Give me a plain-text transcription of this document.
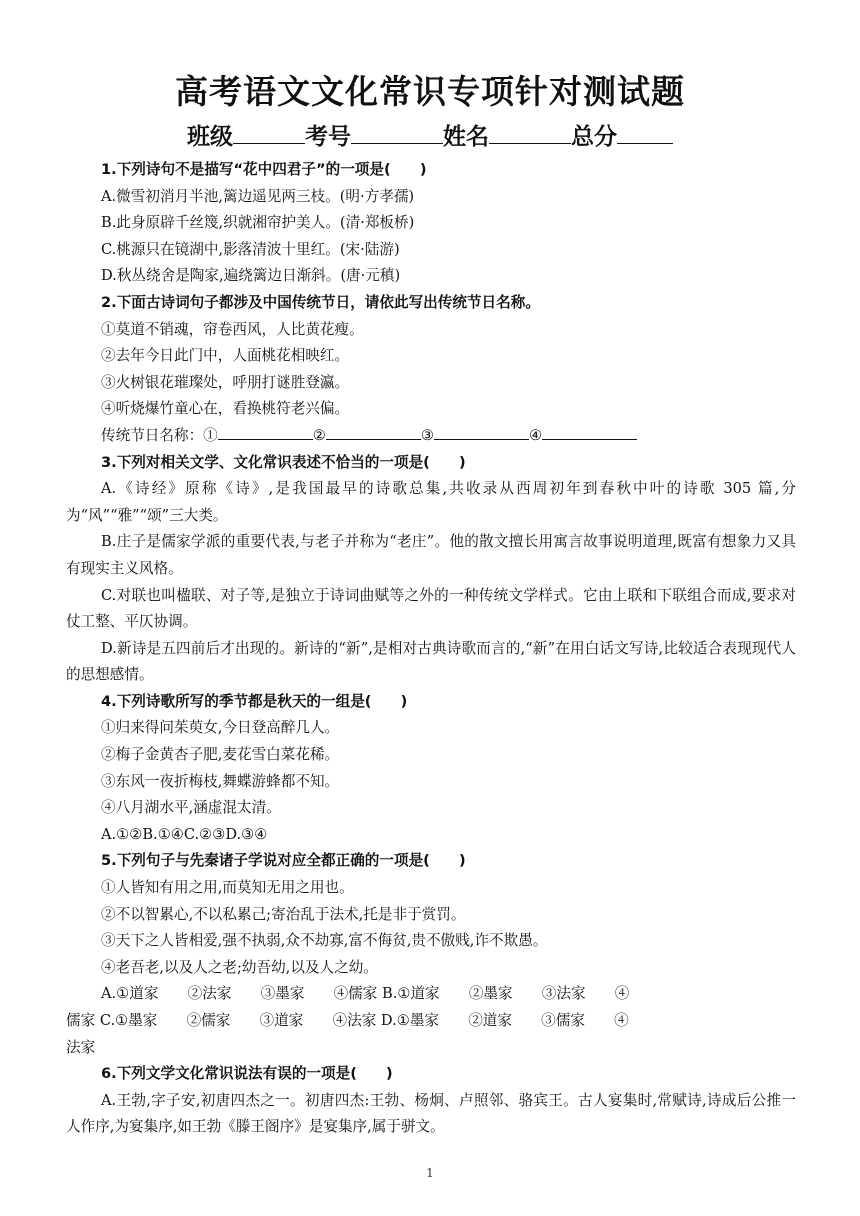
高考语文文化常识专项针对测试题
班级	考号	姓名	总分
1.下列诗句不是描写“花中四君子”的一项是(　　)
A.微雪初消月半池,篱边遥见两三枝。(明·方孝孺)
B.此身原辟千丝篾,织就湘帘护美人。(清·郑板桥)
C.桃源只在镜湖中,影落清波十里红。(宋·陆游)
D.秋丛绕舍是陶家,遍绕篱边日渐斜。(唐·元稹)
2.下面古诗词句子都涉及中国传统节日，请依此写出传统节日名称。
①莫道不销魂，帘卷西风，人比黄花瘦。
②去年今日此门中，人面桃花相映红。
③火树银花璀璨处，呼朋打谜胜登瀛。
④听烧爆竹童心在，看换桃符老兴偏。
传统节日名称：①	②	③	④
3.下列对相关文学、文化常识表述不恰当的一项是(　　)
A.《诗经》原称《诗》,是我国最早的诗歌总集,共收录从西周初年到春秋中叶的诗歌 305 篇,分为“风”“雅”“颂”三大类。
B.庄子是儒家学派的重要代表,与老子并称为“老庄”。他的散文擅长用寓言故事说明道理,既富有想象力又具有现实主义风格。
C.对联也叫楹联、对子等,是独立于诗词曲赋等之外的一种传统文学样式。它由上联和下联组合而成,要求对仗工整、平仄协调。
D.新诗是五四前后才出现的。新诗的“新”,是相对古典诗歌而言的,“新”在用白话文写诗,比较适合表现现代人的思想感情。
4.下列诗歌所写的季节都是秋天的一组是(　　)
①归来得问茱萸女,今日登高醉几人。
②梅子金黄杏子肥,麦花雪白菜花稀。
③东风一夜折梅枝,舞蝶游蜂都不知。
④八月湖水平,涵虚混太清。
A.①②B.①④C.②③D.③④
5.下列句子与先秦诸子学说对应全都正确的一项是(　　)
①人皆知有用之用,而莫知无用之用也。
②不以智累心,不以私累己;寄治乱于法术,托是非于赏罚。
③天下之人皆相爱,强不执弱,众不劫寡,富不侮贫,贵不傲贱,诈不欺愚。
④老吾老,以及人之老;幼吾幼,以及人之幼。
A.①道家　　②法家　　③墨家　　④儒家 B.①道家　　②墨家　　③法家　　④
儒家 C.①墨家　　②儒家　　③道家　　④法家 D.①墨家　　②道家　　③儒家　　④
法家
6.下列文学文化常识说法有误的一项是(　　)
A.王勃,字子安,初唐四杰之一。初唐四杰:王勃、杨炯、卢照邻、骆宾王。古人宴集时,常赋诗,诗成后公推一人作序,为宴集序,如王勃《滕王阁序》是宴集序,属于骈文。
1
